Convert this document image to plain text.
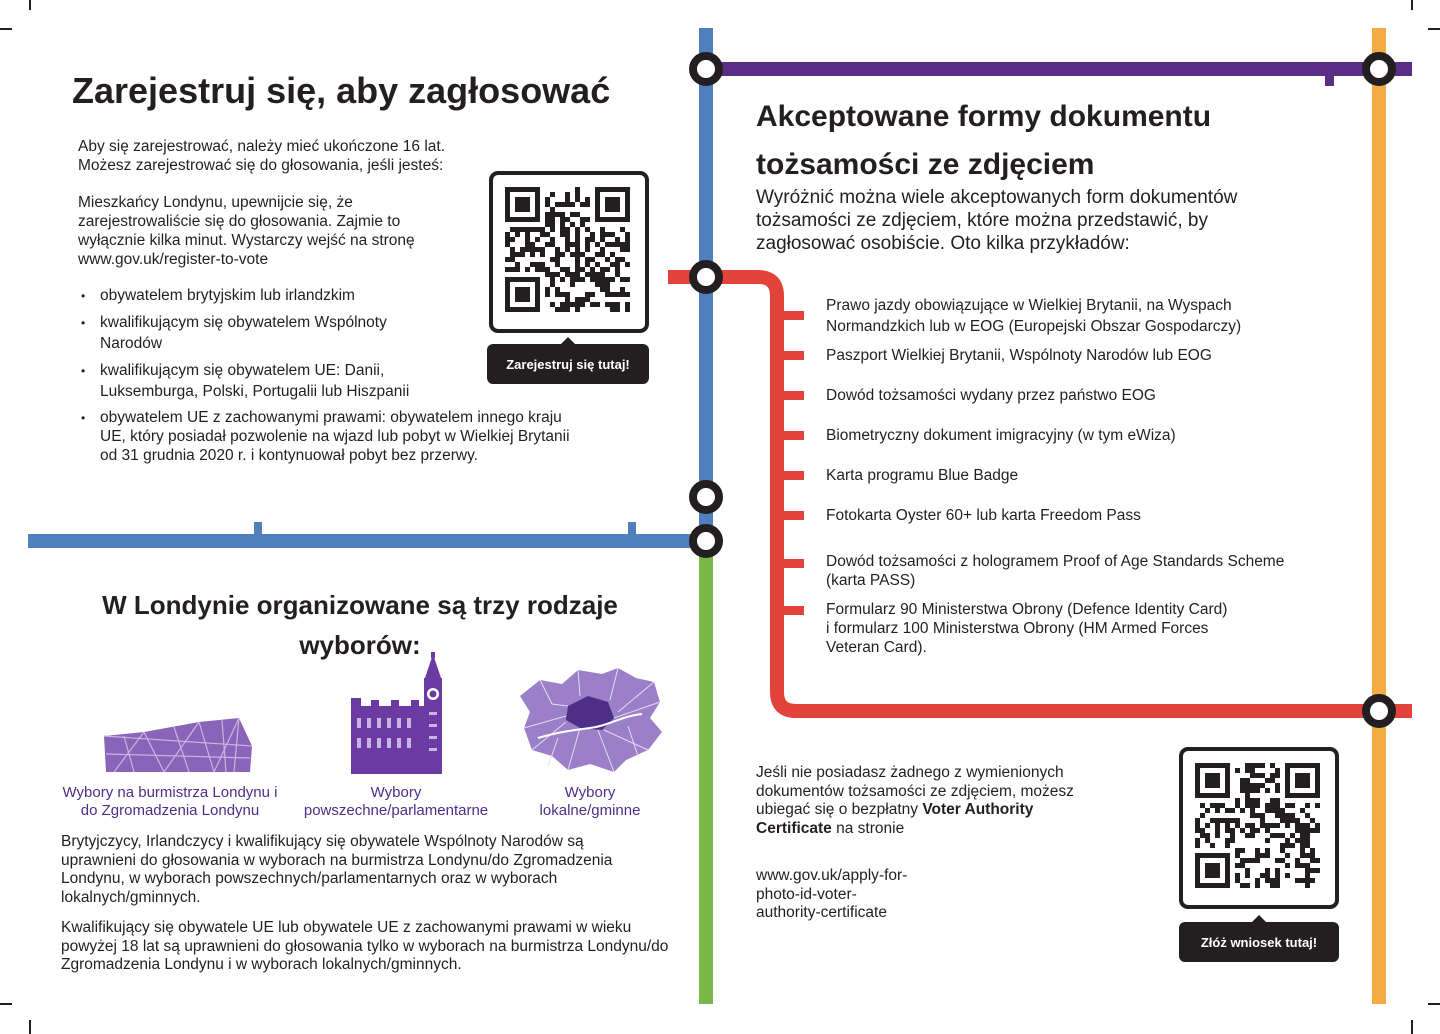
Zarejestruj się, aby zagłosować
Aby się zarejestrować, należy mieć ukończone 16 lat.
Możesz zarejestrować się do głosowania, jeśli jesteś:
Mieszkańcy Londynu, upewnijcie się, że
zarejestrowaliście się do głosowania. Zajmie to
wyłącznie kilka minut. Wystarczy wejść na stronę
www.gov.uk/register-to-vote
• obywatelem brytyjskim lub irlandzkim
• kwalifikującym się obywatelem Wspólnoty Narodów
• kwalifikującym się obywatelem UE: Danii, Luksemburga, Polski, Portugalii lub Hiszpanii
• obywatelem UE z zachowanymi prawami: obywatelem innego kraju UE, który posiadał pozwolenie na wjazd lub pobyt w Wielkiej Brytanii od 31 grudnia 2020 r. i kontynuował pobyt bez przerwy.
Zarejestruj się tutaj!
W Londynie organizowane są trzy rodzaje
wyborów:
Wybory na burmistrza Londynu i
do Zgromadzenia Londynu
Wybory
powszechne/parlamentarne
Wybory
lokalne/gminne
Brytyjczycy, Irlandczycy i kwalifikujący się obywatele Wspólnoty Narodów są uprawnieni do głosowania w wyborach na burmistrza Londynu/do Zgromadzenia Londynu, w wyborach powszechnych/parlamentarnych oraz w wyborach lokalnych/gminnych.
Kwalifikujący się obywatele UE lub obywatele UE z zachowanymi prawami w wieku powyżej 18 lat są uprawnieni do głosowania tylko w wyborach na burmistrza Londynu/do Zgromadzenia Londynu i w wyborach lokalnych/gminnych.
Akceptowane formy dokumentu
tożsamości ze zdjęciem
Wyróżnić można wiele akceptowanych form dokumentów
tożsamości ze zdjęciem, które można przedstawić, by
zagłosować osobiście. Oto kilka przykładów:
Prawo jazdy obowiązujące w Wielkiej Brytanii, na Wyspach
Normandzkich lub w EOG (Europejski Obszar Gospodarczy)
Paszport Wielkiej Brytanii, Wspólnoty Narodów lub EOG
Dowód tożsamości wydany przez państwo EOG
Biometryczny dokument imigracyjny (w tym eWiza)
Karta programu Blue Badge
Fotokarta Oyster 60+ lub karta Freedom Pass
Dowód tożsamości z hologramem Proof of Age Standards Scheme
(karta PASS)
Formularz 90 Ministerstwa Obrony (Defence Identity Card)
i formularz 100 Ministerstwa Obrony (HM Armed Forces
Veteran Card).
Jeśli nie posiadasz żadnego z wymienionych
dokumentów tożsamości ze zdjęciem, możesz
ubiegać się o bezpłatny Voter Authority
Certificate na stronie
www.gov.uk/apply-for-
photo-id-voter-
authority-certificate
Złóż wniosek tutaj!
